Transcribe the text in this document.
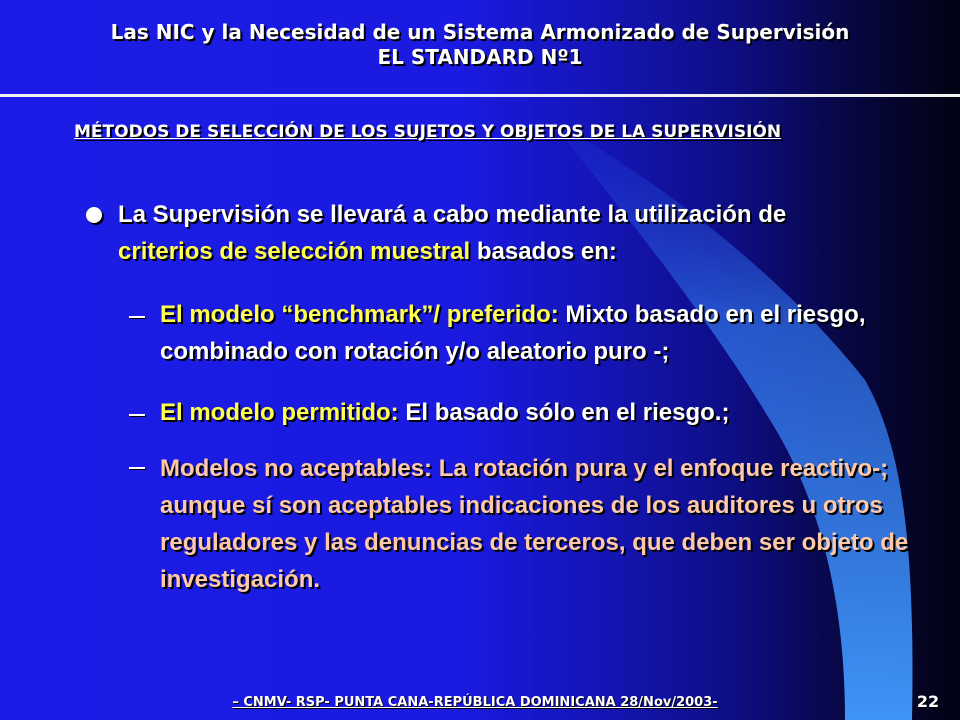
Las NIC y la Necesidad de un Sistema Armonizado de Supervisión
EL STANDARD Nº1
MÉTODOS DE SELECCIÓN DE LOS SUJETOS Y OBJETOS DE LA SUPERVISIÓN

La Supervisión se llevará a cabo mediante la utilización de criterios de selección muestral basados en:

El modelo “benchmark”/ preferido: Mixto basado en el riesgo, combinado con rotación y/o aleatorio puro -;

El modelo permitido: El basado sólo en el riesgo.;

Modelos no aceptables: La rotación pura y el enfoque reactivo-; aunque sí son aceptables indicaciones de los auditores u otros reguladores y las denuncias de terceros, que deben ser objeto de investigación.

– CNMV- RSP- PUNTA CANA-REPÚBLICA DOMINICANA 28/Nov/2003-	22
